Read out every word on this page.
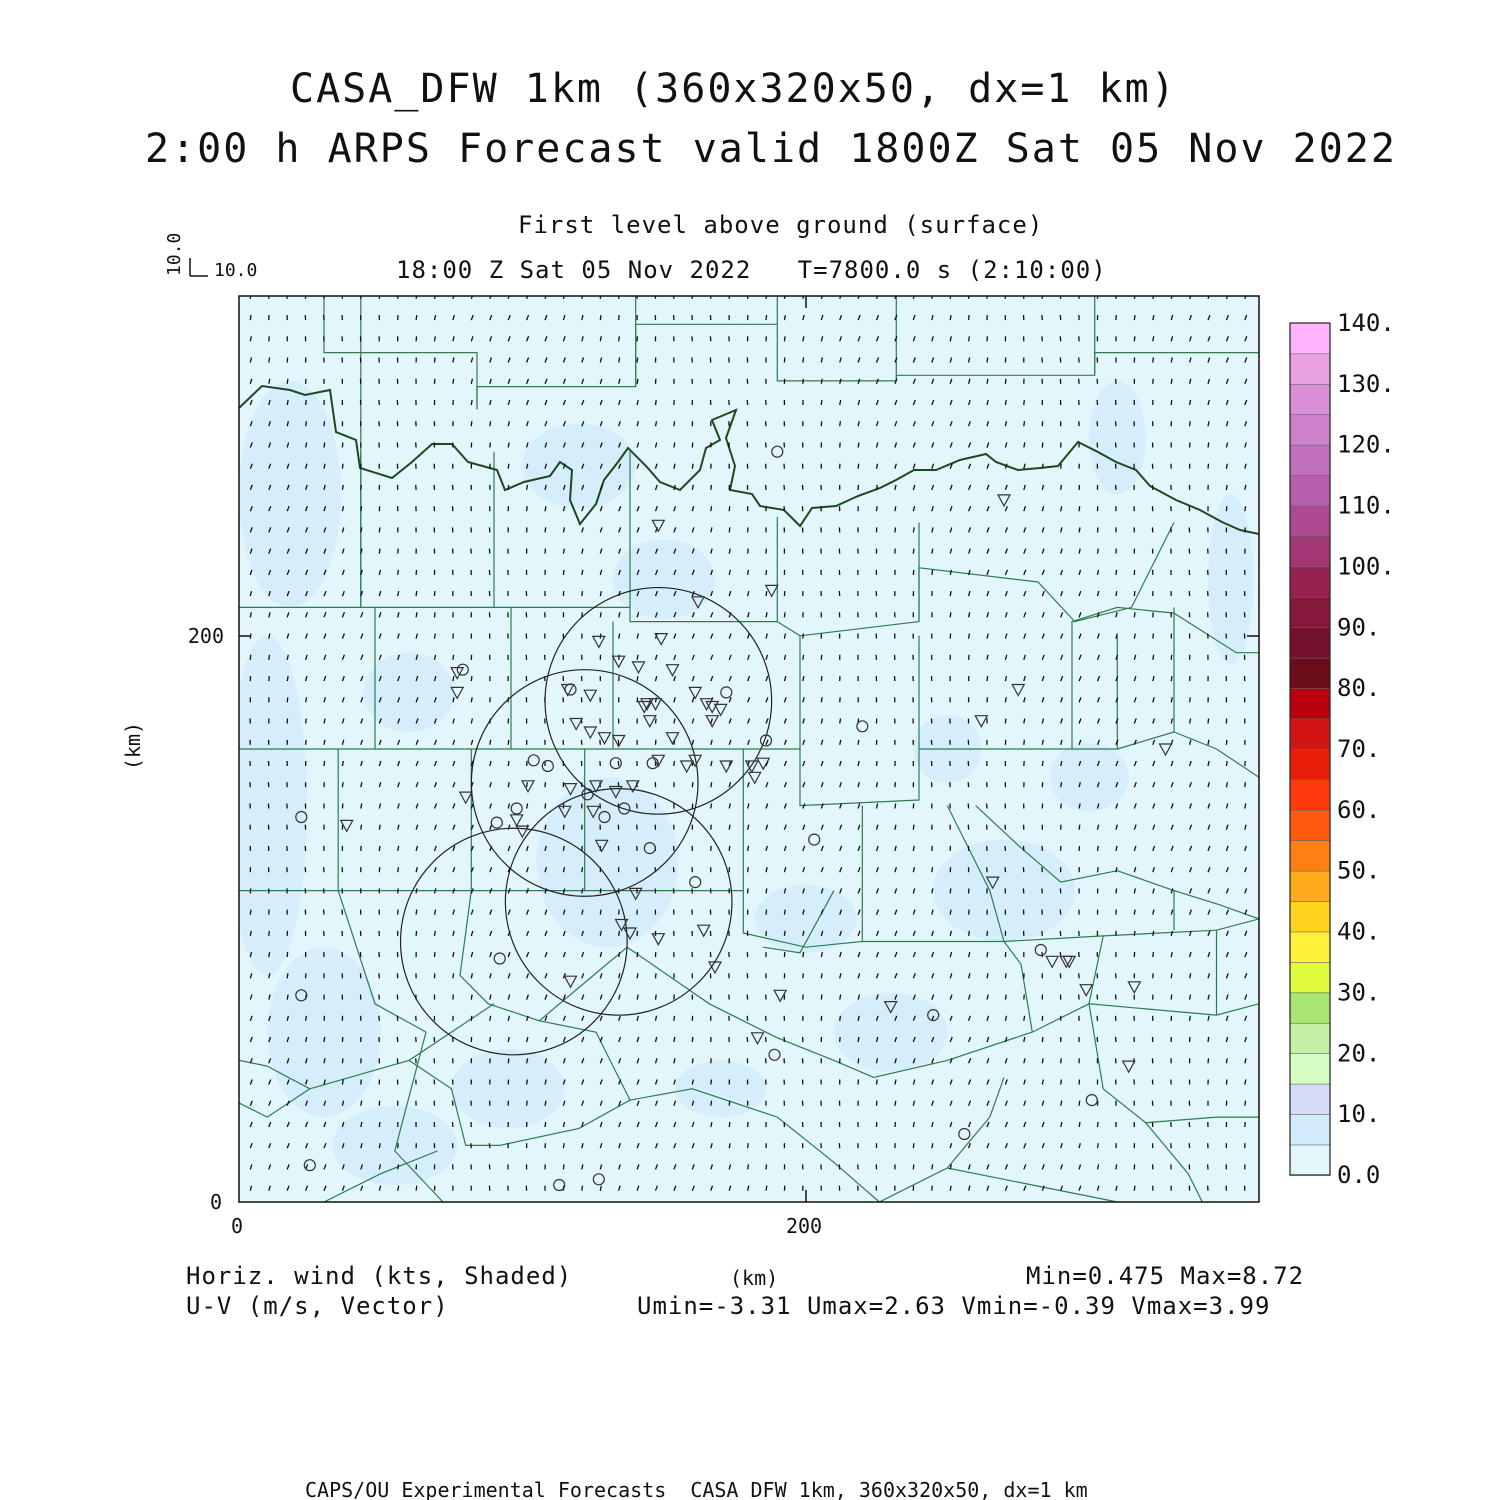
CASA_DFW 1km (360x320x50, dx=1 km)
2:00 h ARPS Forecast valid 1800Z Sat 05 Nov 2022
First level above ground (surface)
18:00 Z Sat 05 Nov 2022   T=7800.0 s (2:10:00)
10.0
10.0
0	200
0
200
(km)
0.0
10.
20.
30.
40.
50.
60.
70.
80.
90.
100.
110.
120.
130.
140.
Horiz. wind (kts, Shaded)
U-V (m/s, Vector)
(km)	Min=0.475 Max=8.72
Umin=-3.31 Umax=2.63 Vmin=-0.39 Vmax=3.99
CAPS/OU Experimental Forecasts  CASA DFW 1km, 360x320x50, dx=1 km
